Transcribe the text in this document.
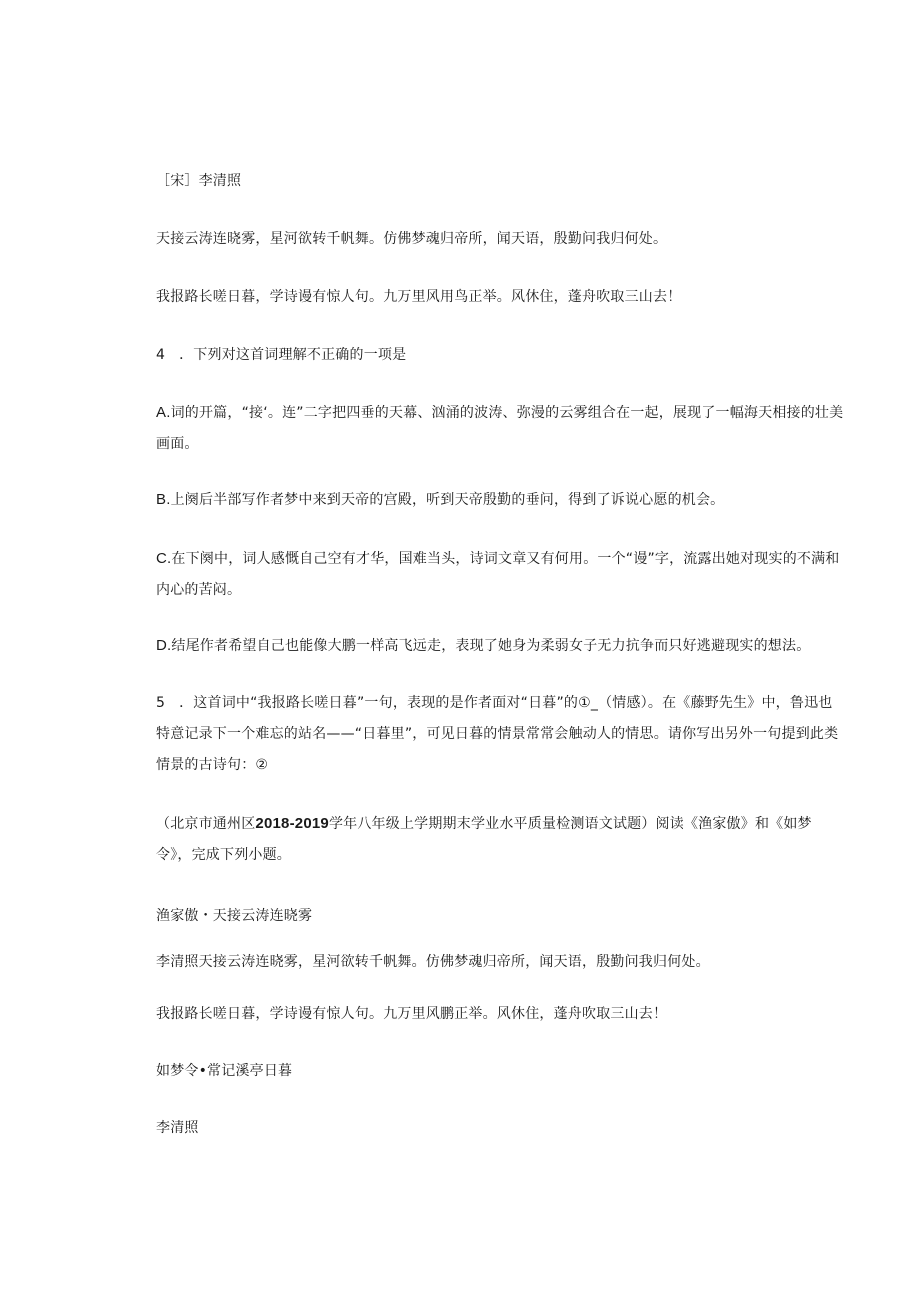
［宋］李清照

天接云涛连晓雾，星河欲转千帆舞。仿佛梦魂归帝所，闻天语，殷勤问我归何处。

我报路长嗟日暮，学诗谩有惊人句。九万里风用鸟正举。风休住，蓬舟吹取三山去！

4 ．下列对这首词理解不正确的一项是

A.词的开篇，“接‘。连”二字把四垂的天幕、汹涌的波涛、弥漫的云雾组合在一起，展现了一幅海天相接的壮美画面。

B.上阕后半部写作者梦中来到天帝的宫殿，听到天帝殷勤的垂问，得到了诉说心愿的机会。

C.在下阕中，词人感慨自己空有才华，国难当头，诗词文章又有何用。一个“谩”字，流露出她对现实的不满和内心的苦闷。

D.结尾作者希望自己也能像大鹏一样高飞远走，表现了她身为柔弱女子无力抗争而只好逃避现实的想法。

5 ．这首词中“我报路长嗟日暮”一句，表现的是作者面对“日暮”的①_（情感）。在《藤野先生》中，鲁迅也特意记录下一个难忘的站名——“日暮里”，可见日暮的情景常常会触动人的情思。请你写出另外一句提到此类情景的古诗句：②

（北京市通州区2018-2019学年八年级上学期期末学业水平质量检测语文试题）阅读《渔家傲》和《如梦令》，完成下列小题。

渔家傲・天接云涛连晓雾

李清照天接云涛连晓雾，星河欲转千帆舞。仿佛梦魂归帝所，闻天语，殷勤问我归何处。

我报路长嗟日暮，学诗谩有惊人句。九万里风鹏正举。风休住，蓬舟吹取三山去！

如梦令•常记溪亭日暮

李清照
